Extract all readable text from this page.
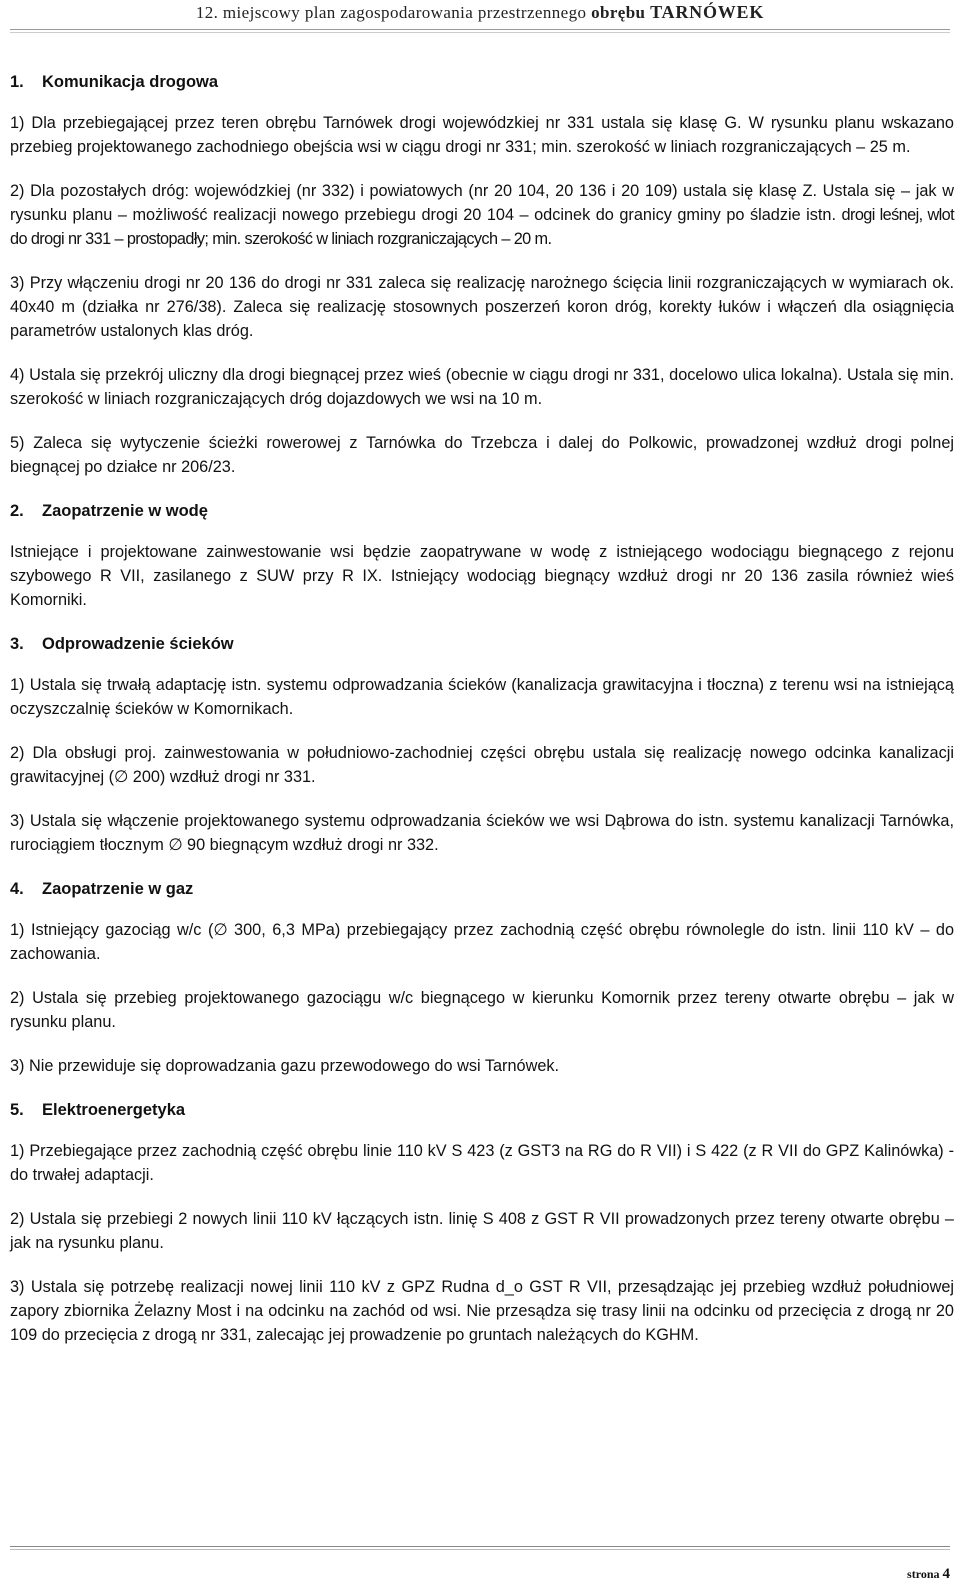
12. miejscowy plan zagospodarowania przestrzennego obrębu TARNÓWEK
1.	Komunikacja drogowa

1) Dla przebiegającej przez teren obrębu Tarnówek drogi wojewódzkiej nr 331 ustala się klasę G. W rysunku planu wskazano przebieg projektowanego zachodniego obejścia wsi w ciągu drogi nr 331; min. szerokość w liniach rozgraniczających – 25 m.

2) Dla pozostałych dróg: wojewódzkiej (nr 332) i powiatowych (nr 20 104, 20 136 i 20 109) ustala się klasę Z. Ustala się – jak w rysunku planu – możliwość realizacji nowego przebiegu drogi 20 104 – odcinek do granicy gminy po śladzie istn. drogi leśnej, wlot do drogi nr 331 – prostopadły; min. szerokość w liniach rozgraniczających – 20 m.

3) Przy włączeniu drogi nr 20 136 do drogi nr 331 zaleca się realizację narożnego ścięcia linii rozgraniczających w wymiarach ok. 40x40 m (działka nr 276/38). Zaleca się realizację stosownych poszerzeń koron dróg, korekty łuków i włączeń dla osiągnięcia parametrów ustalonych klas dróg.

4) Ustala się przekrój uliczny dla drogi biegnącej przez wieś (obecnie w ciągu drogi nr 331, docelowo ulica lokalna). Ustala się min. szerokość w liniach rozgraniczających dróg dojazdowych we wsi na 10 m.

5) Zaleca się wytyczenie ścieżki rowerowej z Tarnówka do Trzebcza i dalej do Polkowic, prowadzonej wzdłuż drogi polnej biegnącej po działce nr 206/23.

2.	Zaopatrzenie w wodę

Istniejące i projektowane zainwestowanie wsi będzie zaopatrywane w wodę z istniejącego wodociągu biegnącego z rejonu szybowego R VII, zasilanego z SUW przy R IX. Istniejący wodociąg biegnący wzdłuż drogi nr 20 136 zasila również wieś Komorniki.

3.	Odprowadzenie ścieków

1) Ustala się trwałą adaptację istn. systemu odprowadzania ścieków (kanalizacja grawitacyjna i tłoczna) z terenu wsi na istniejącą oczyszczalnię ścieków w Komornikach.

2) Dla obsługi proj. zainwestowania w południowo-zachodniej części obrębu ustala się realizację nowego odcinka kanalizacji grawitacyjnej (∅ 200) wzdłuż drogi nr 331.

3) Ustala się włączenie projektowanego systemu odprowadzania ścieków we wsi Dąbrowa do istn. systemu kanalizacji Tarnówka, rurociągiem tłocznym ∅ 90 biegnącym wzdłuż drogi nr 332.

4.	Zaopatrzenie w gaz

1) Istniejący gazociąg w/c (∅ 300, 6,3 MPa) przebiegający przez zachodnią część obrębu równolegle do istn. linii 110 kV – do zachowania.

2) Ustala się przebieg projektowanego gazociągu w/c biegnącego w kierunku Komornik przez tereny otwarte obrębu – jak w rysunku planu.

3) Nie przewiduje się doprowadzania gazu przewodowego do wsi Tarnówek.

5.	Elektroenergetyka

1) Przebiegające przez zachodnią część obrębu linie 110 kV S 423 (z GST3 na RG do R VII) i S 422 (z R VII do GPZ Kalinówka) - do trwałej adaptacji.

2) Ustala się przebiegi 2 nowych linii 110 kV łączących istn. linię S 408 z GST R VII prowadzonych przez tereny otwarte obrębu – jak na rysunku planu.

3) Ustala się potrzebę realizacji nowej linii 110 kV z GPZ Rudna d_o GST R VII, przesądzając jej przebieg wzdłuż południowej zapory zbiornika Żelazny Most i na odcinku na zachód od wsi. Nie przesądza się trasy linii na odcinku od przecięcia z drogą nr 20 109 do przecięcia z drogą nr 331, zalecając jej prowadzenie po gruntach należących do KGHM.

strona 4
